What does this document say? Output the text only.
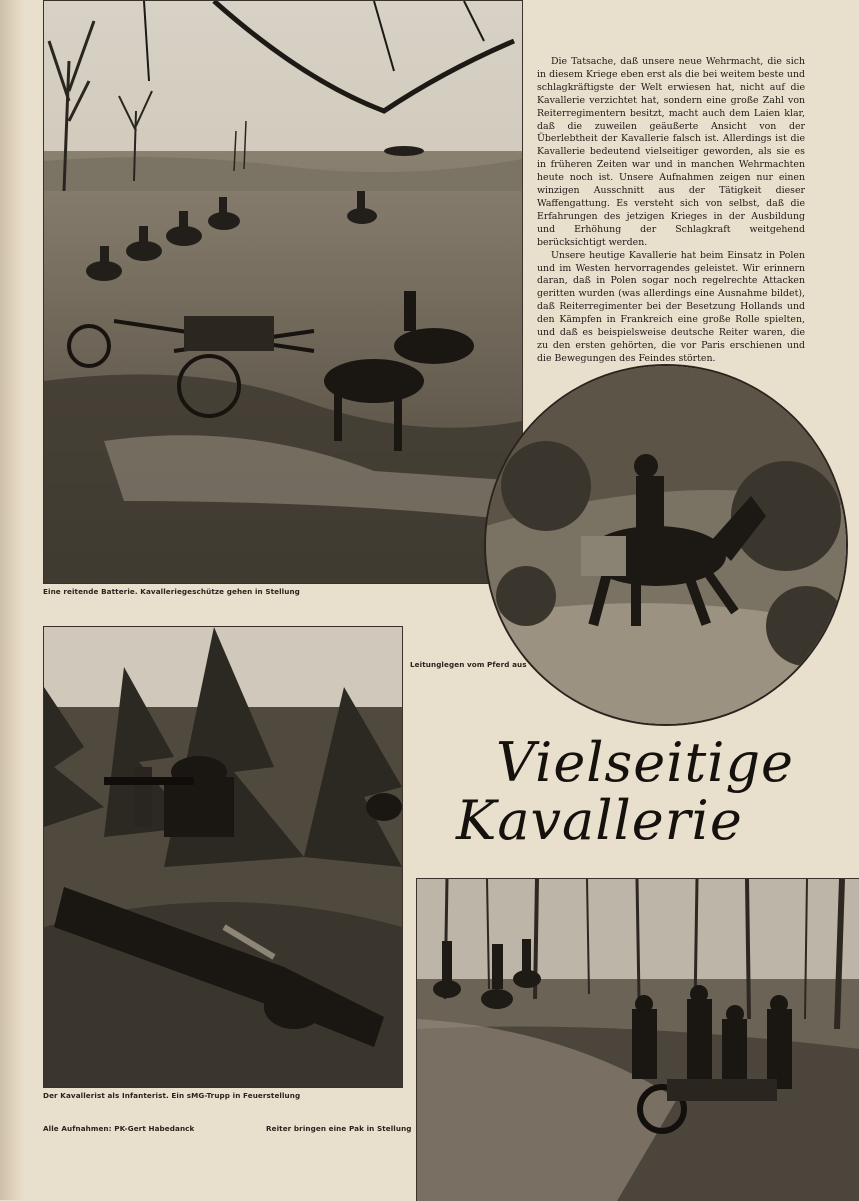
Eine reitende Batterie. Kavalleriegeschütze gehen in Stellung

Die Tatsache, daß unsere neue Wehrmacht, die sich in diesem Kriege eben erst als die bei weitem beste und schlagkräftigste der Welt erwiesen hat, nicht auf die Kavallerie verzichtet hat, sondern eine große Zahl von Reiterregimentern besitzt, macht auch dem Laien klar, daß die zuweilen geäußerte Ansicht von der Überlebtheit der Kavallerie falsch ist. Allerdings ist die Kavallerie bedeutend vielseitiger geworden, als sie es in früheren Zeiten war und in manchen Wehrmachten heute noch ist. Unsere Aufnahmen zeigen nur einen winzigen Ausschnitt aus der Tätigkeit dieser Waffengattung. Es versteht sich von selbst, daß die Erfahrungen des jetzigen Krieges in der Ausbildung und Erhöhung der Schlagkraft weitgehend berücksichtigt werden.

Unsere heutige Kavallerie hat beim Einsatz in Polen und im Westen hervorragendes geleistet. Wir erinnern daran, daß in Polen sogar noch regelrechte Attacken geritten wurden (was allerdings eine Ausnahme bildet), daß Reiterregimenter bei der Besetzung Hollands und den Kämpfen in Frankreich eine große Rolle spielten, und daß es beispielsweise deutsche Reiter waren, die zu den ersten gehörten, die vor Paris erschienen und die Bewegungen des Feindes störten.

Leitunglegen vom Pferd aus
Vielseitige
Kavallerie
Der Kavallerist als Infanterist. Ein sMG-Trupp in Feuerstellung
Alle Aufnahmen: PK-Gert Habedanck	Reiter bringen eine Pak in Stellung
